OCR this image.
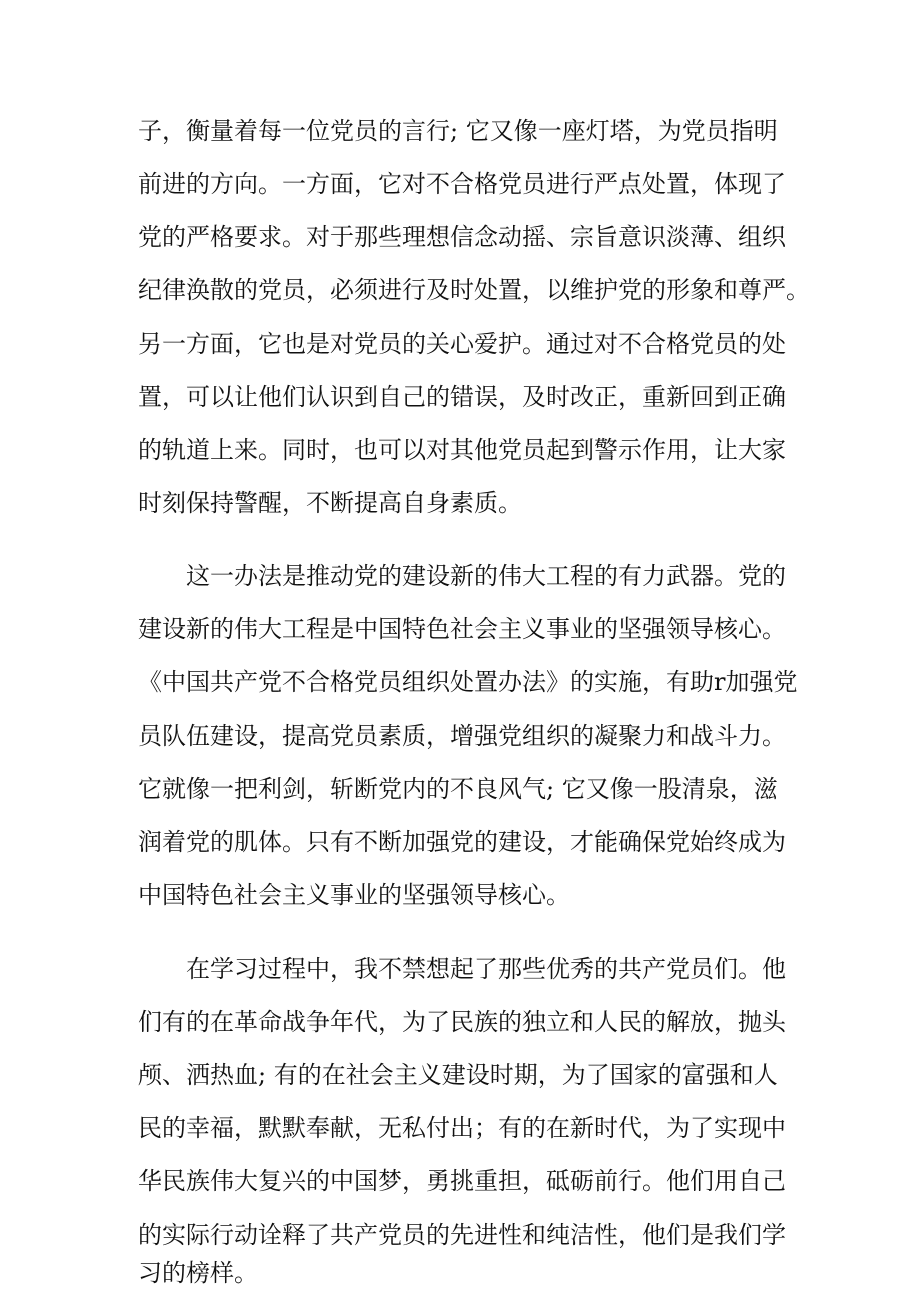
子，衡量着每一位党员的言行; 它又像一座灯塔，为党员指明

前进的方向。一方面，它对不合格党员进行严点处置，体现了

党的严格要求。对于那些理想信念动摇、宗旨意识淡薄、组织

纪律涣散的党员，必须进行及时处置，以维护党的形象和尊严。

另一方面，它也是对党员的关心爱护。通过对不合格党员的处

置，可以让他们认识到自己的错误，及时改正，重新回到正确

的轨道上来。同时，也可以对其他党员起到警示作用，让大家

时刻保持警醒，不断提高自身素质。

这一办法是推动党的建设新的伟大工程的有力武器。党的

建设新的伟大工程是中国特色社会主义事业的坚强领导核心。

《中国共产党不合格党员组织处置办法》的实施，有助r加强党

员队伍建设，提高党员素质，增强党组织的凝聚力和战斗力。

它就像一把利剑，斩断党内的不良风气; 它又像一股清泉，滋

润着党的肌体。只有不断加强党的建设，才能确保党始终成为

中国特色社会主义事业的坚强领导核心。

在学习过程中，我不禁想起了那些优秀的共产党员们。他

们有的在革命战争年代，为了民族的独立和人民的解放，抛头

颅、洒热血; 有的在社会主义建设时期，为了国家的富强和人

民的幸福，默默奉献，无私付出；有的在新时代，为了实现中

华民族伟大复兴的中国梦，勇挑重担，砥砺前行。他们用自己

的实际行动诠释了共产党员的先进性和纯洁性，他们是我们学

习的榜样。
